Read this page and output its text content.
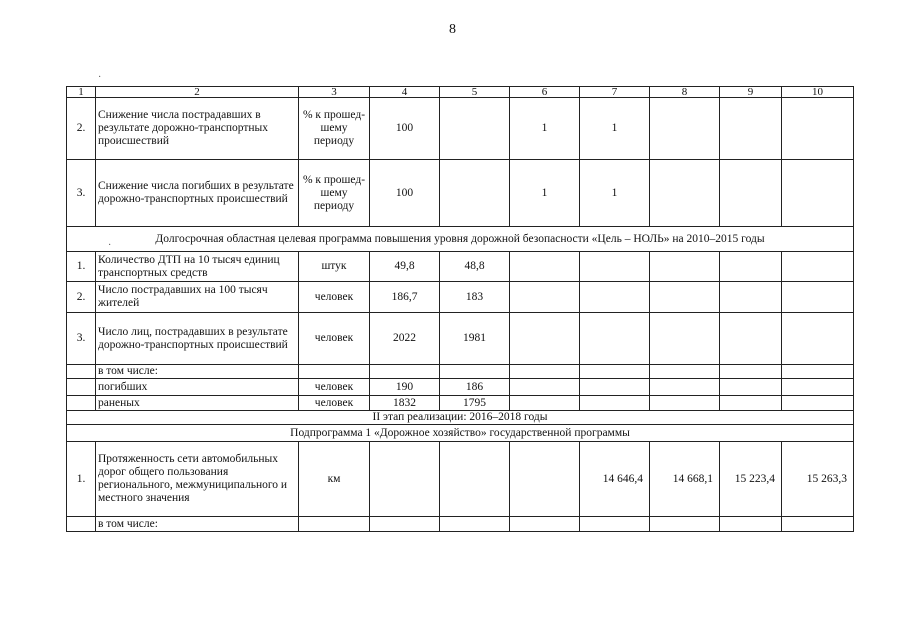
8
·
·
1	2	3	4	5	6	7	8	9	10
2.	Снижение числа пострадавших в результате дорожно-транспортных происшествий	% к прошед-шему периоду	100		1	1			
3.	Снижение числа погибших в результате дорожно-транспортных происшествий	% к прошед-шему периоду	100		1	1			
Долгосрочная областная целевая программа повышения уровня дорожной безопасности «Цель – НОЛЬ» на 2010–2015 годы									
1.	Количество ДТП на 10 тысяч единиц транспортных средств	штук	49,8	48,8					
2.	Число пострадавших на 100 тысяч жителей	человек	186,7	183					
3.	Число лиц, пострадавших в результате дорожно-транспортных происшествий	человек	2022	1981					
	в том числе:								
	погибших	человек	190	186					
	раненых	человек	1832	1795					
II этап реализации: 2016–2018 годы									
Подпрограмма 1 «Дорожное хозяйство» государственной программы									
1.	Протяженность сети автомобильных дорог общего пользования регионального, межмуниципального и местного значения	км				14 646,4	14 668,1	15 223,4	15 263,3
	в том числе:								
